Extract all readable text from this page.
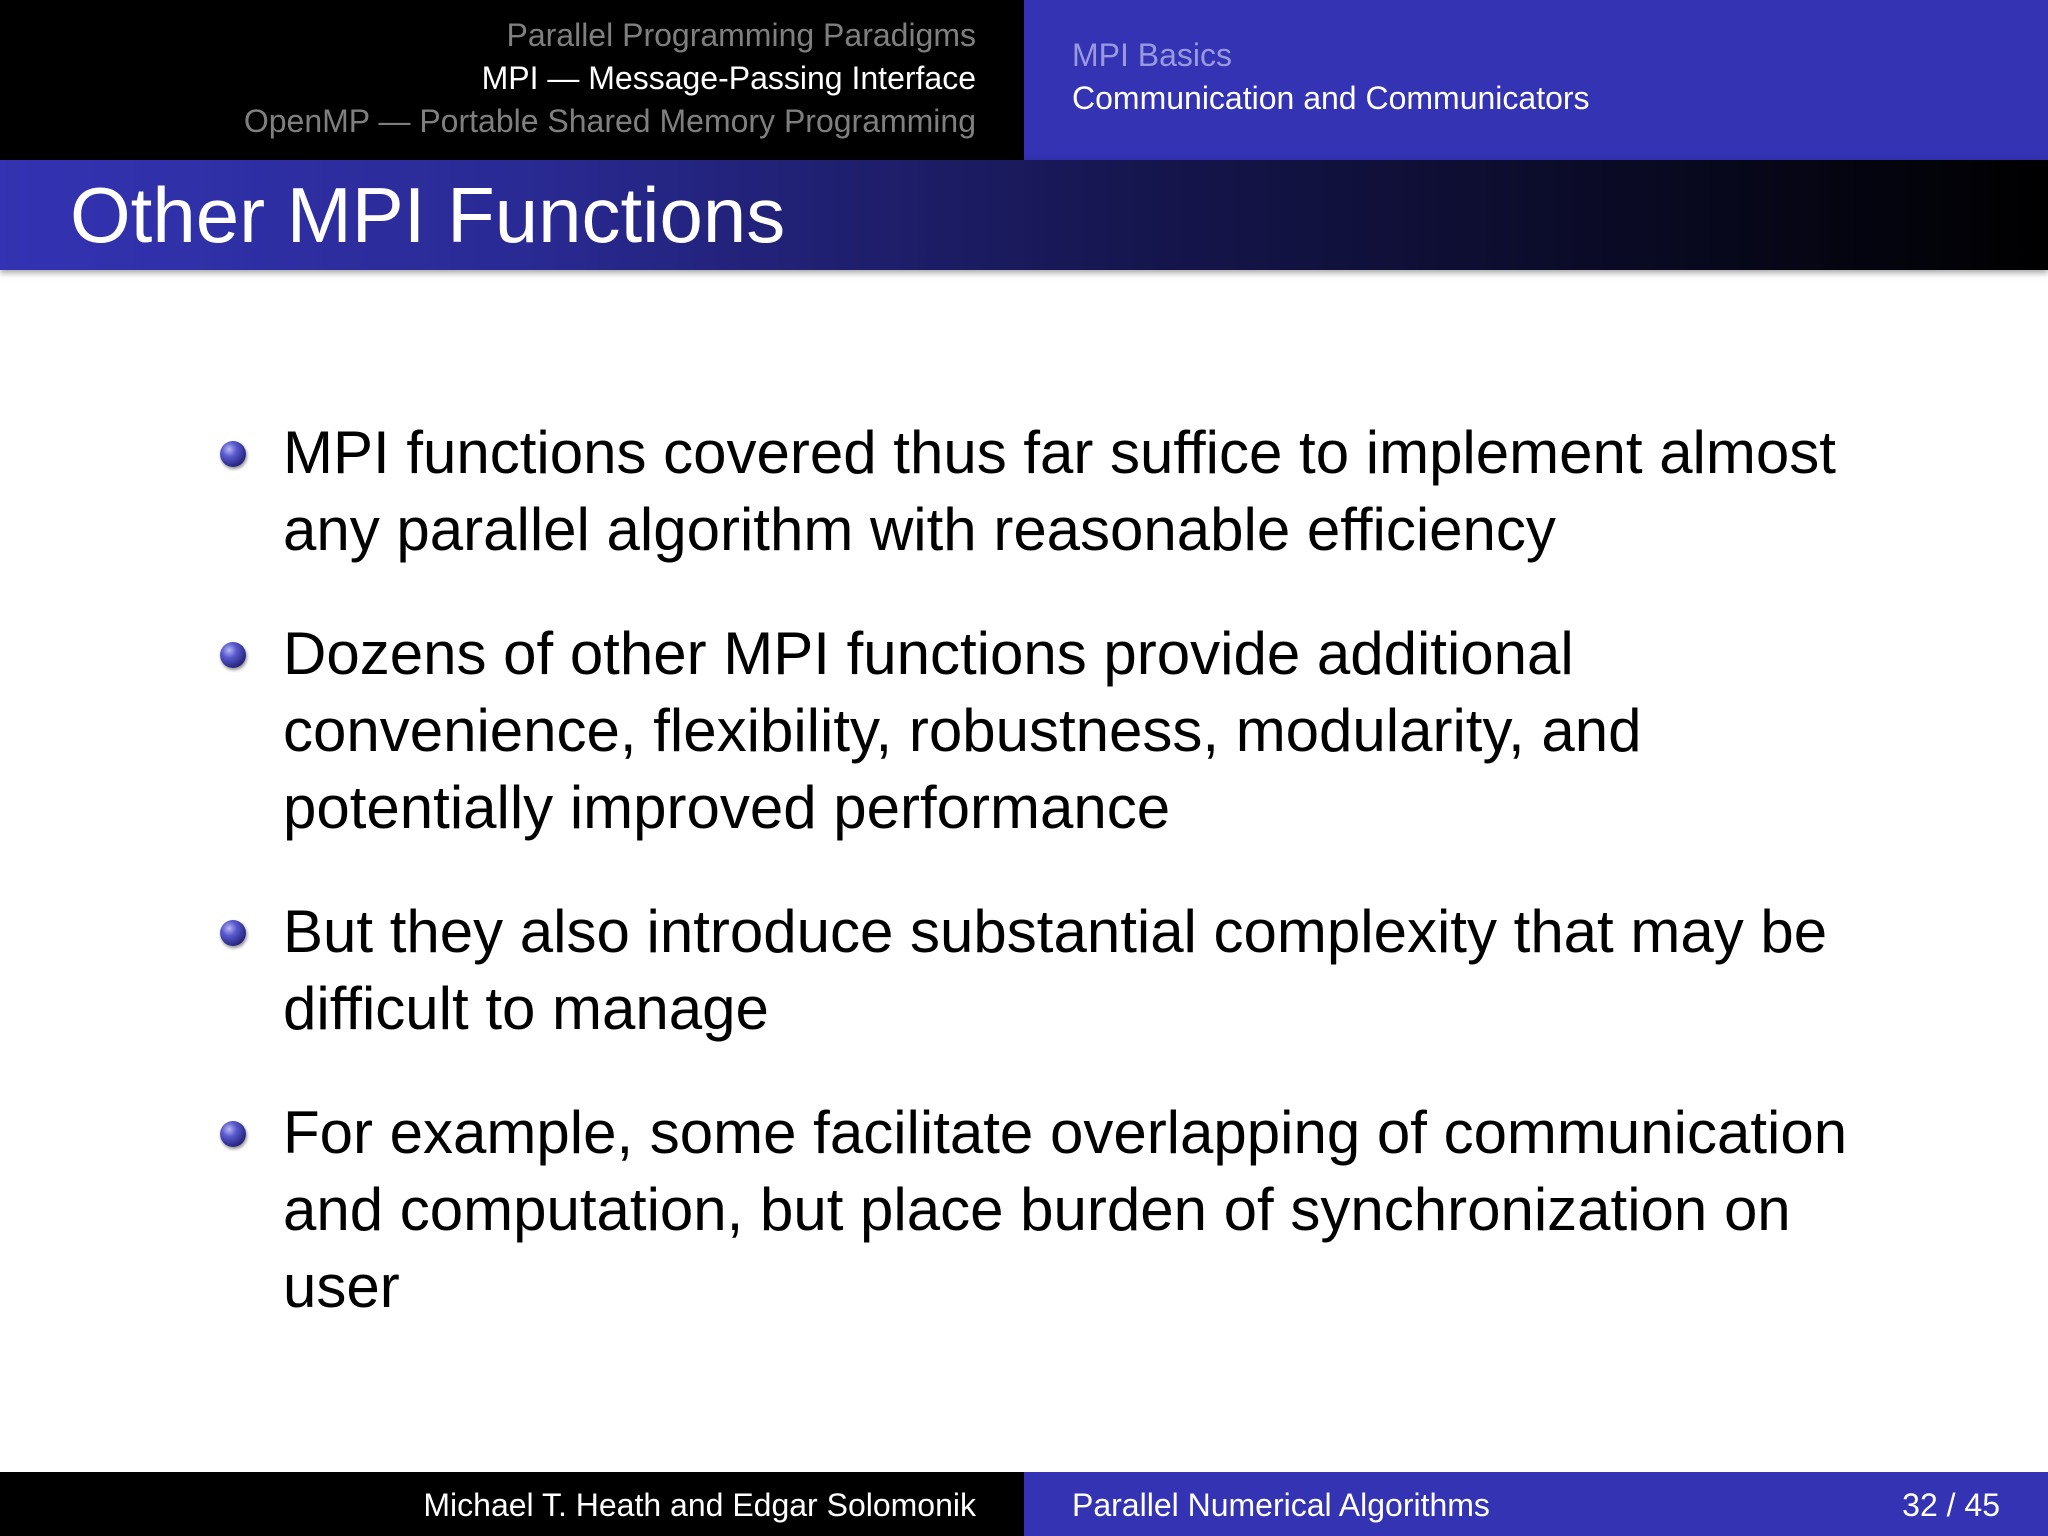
Parallel Programming Paradigms
MPI — Message-Passing Interface
OpenMP — Portable Shared Memory Programming
MPI Basics
Communication and Communicators
Other MPI Functions
MPI functions covered thus far suffice to implement almost
any parallel algorithm with reasonable efficiency
Dozens of other MPI functions provide additional
convenience, flexibility, robustness, modularity, and
potentially improved performance
But they also introduce substantial complexity that may be
difficult to manage
For example, some facilitate overlapping of communication
and computation, but place burden of synchronization on
user
Michael T. Heath and Edgar Solomonik	Parallel Numerical Algorithms	32 / 45
